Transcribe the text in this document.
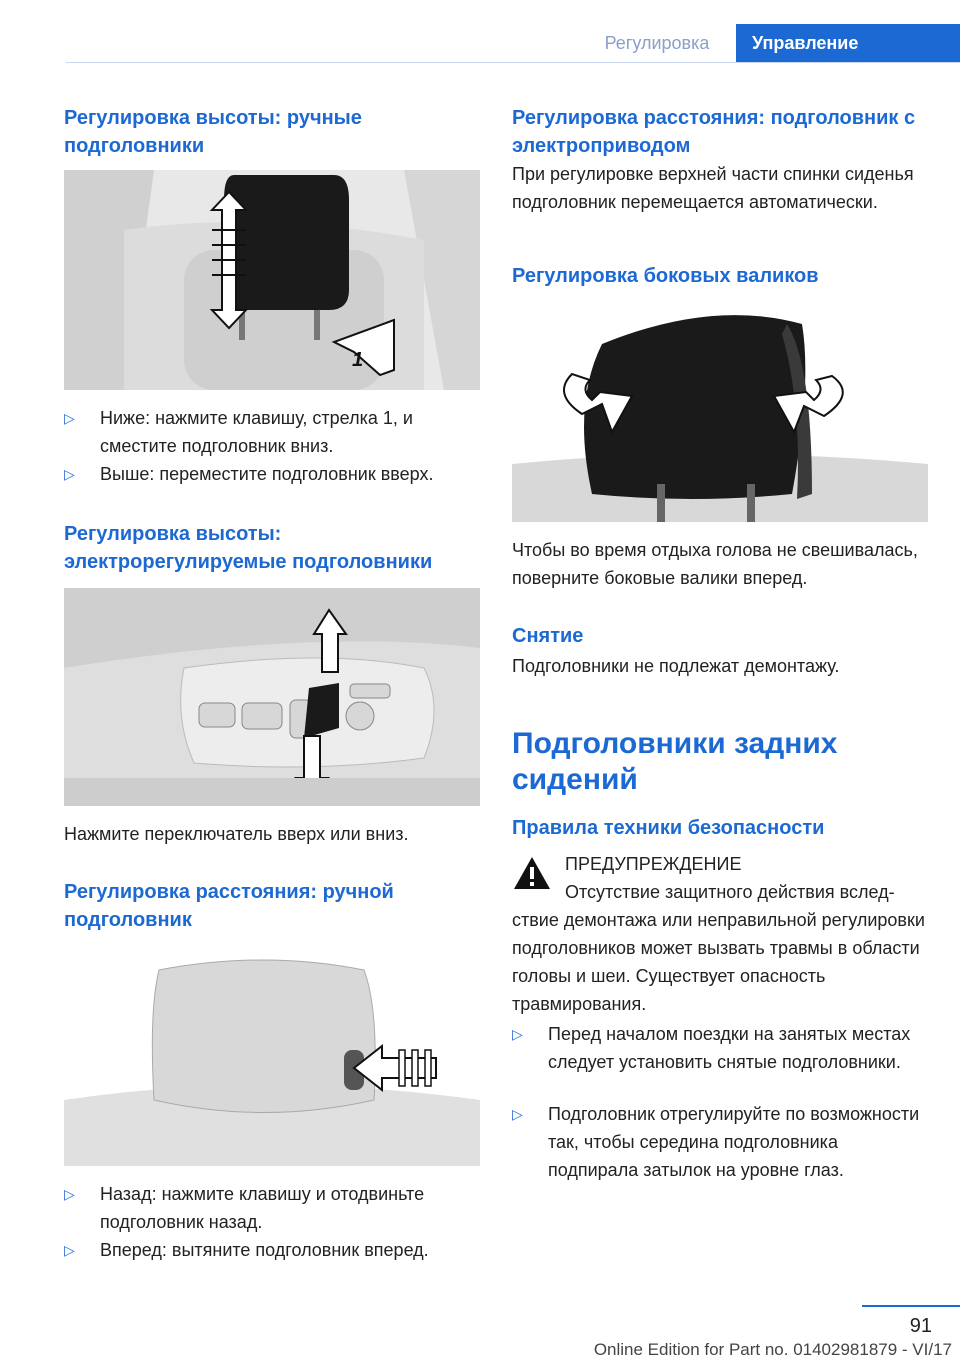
Регулировка	Управление
Регулировка высоты: ручные подголовники
1
▷ Ниже: нажмите клавишу, стрелка 1, и сместите подголовник вниз.
▷ Выше: переместите подголовник вверх.
Регулировка высоты: электрорегулируемые подголовники

Нажмите переключатель вверх или вниз.

Регулировка расстояния: ручной подголовник
▷ Назад: нажмите клавишу и отодвиньте подголовник назад.
▷ Вперед: вытяните подголовник вперед.
Регулировка расстояния: подголовник с электроприводом

При регулировке верхней части спинки сиденья подголовник перемещается автоматически.

Регулировка боковых валиков

Чтобы во время отдыха голова не свешивалась, поверните боковые валики вперед.

Снятие

Подголовники не подлежат демонтажу.

Подголовники задних сидений
Правила техники безопасности

ПРЕДУПРЕЖДЕНИЕ

Отсутствие защитного действия вследствие демонтажа или неправильной регулировки подголовников может вызвать травмы в области головы и шеи. Существует опасность травмирования.

▷ Перед началом поездки на занятых местах следует установить снятые подголовники.
▷ Подголовник отрегулируйте по возможности так, чтобы середина подголовника подпирала затылок на уровне глаз.
91
Online Edition for Part no. 01402981879 - VI/17
